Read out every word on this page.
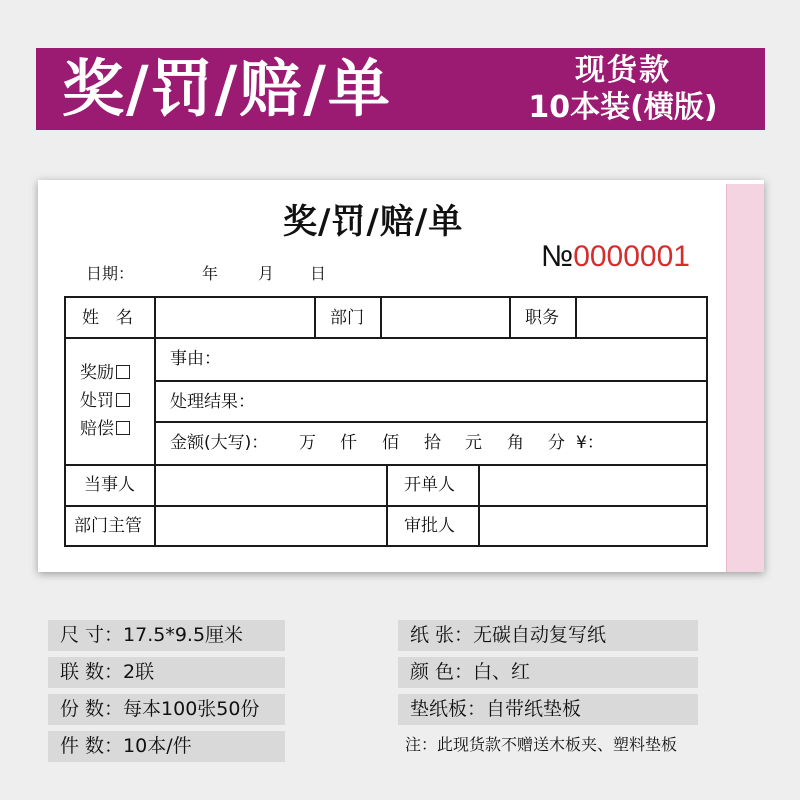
奖/罚/赔/单	现货款
10本装(横版)
奖/罚/赔/单
№0000001
日期：	年 月 日
姓　名	部门	职务
奖励
处罚
赔偿
事由：
处理结果：
金额(大写)： 万 仟 佰 拾 元 角 分 ¥：
当事人	开单人
部门主管	审批人
尺 寸：17.5*9.5厘米
联 数：2联
份 数：每本100张50份
件 数：10本/件
纸 张：无碳自动复写纸
颜 色：白、红
垫纸板：自带纸垫板
注：此现货款不赠送木板夹、塑料垫板
